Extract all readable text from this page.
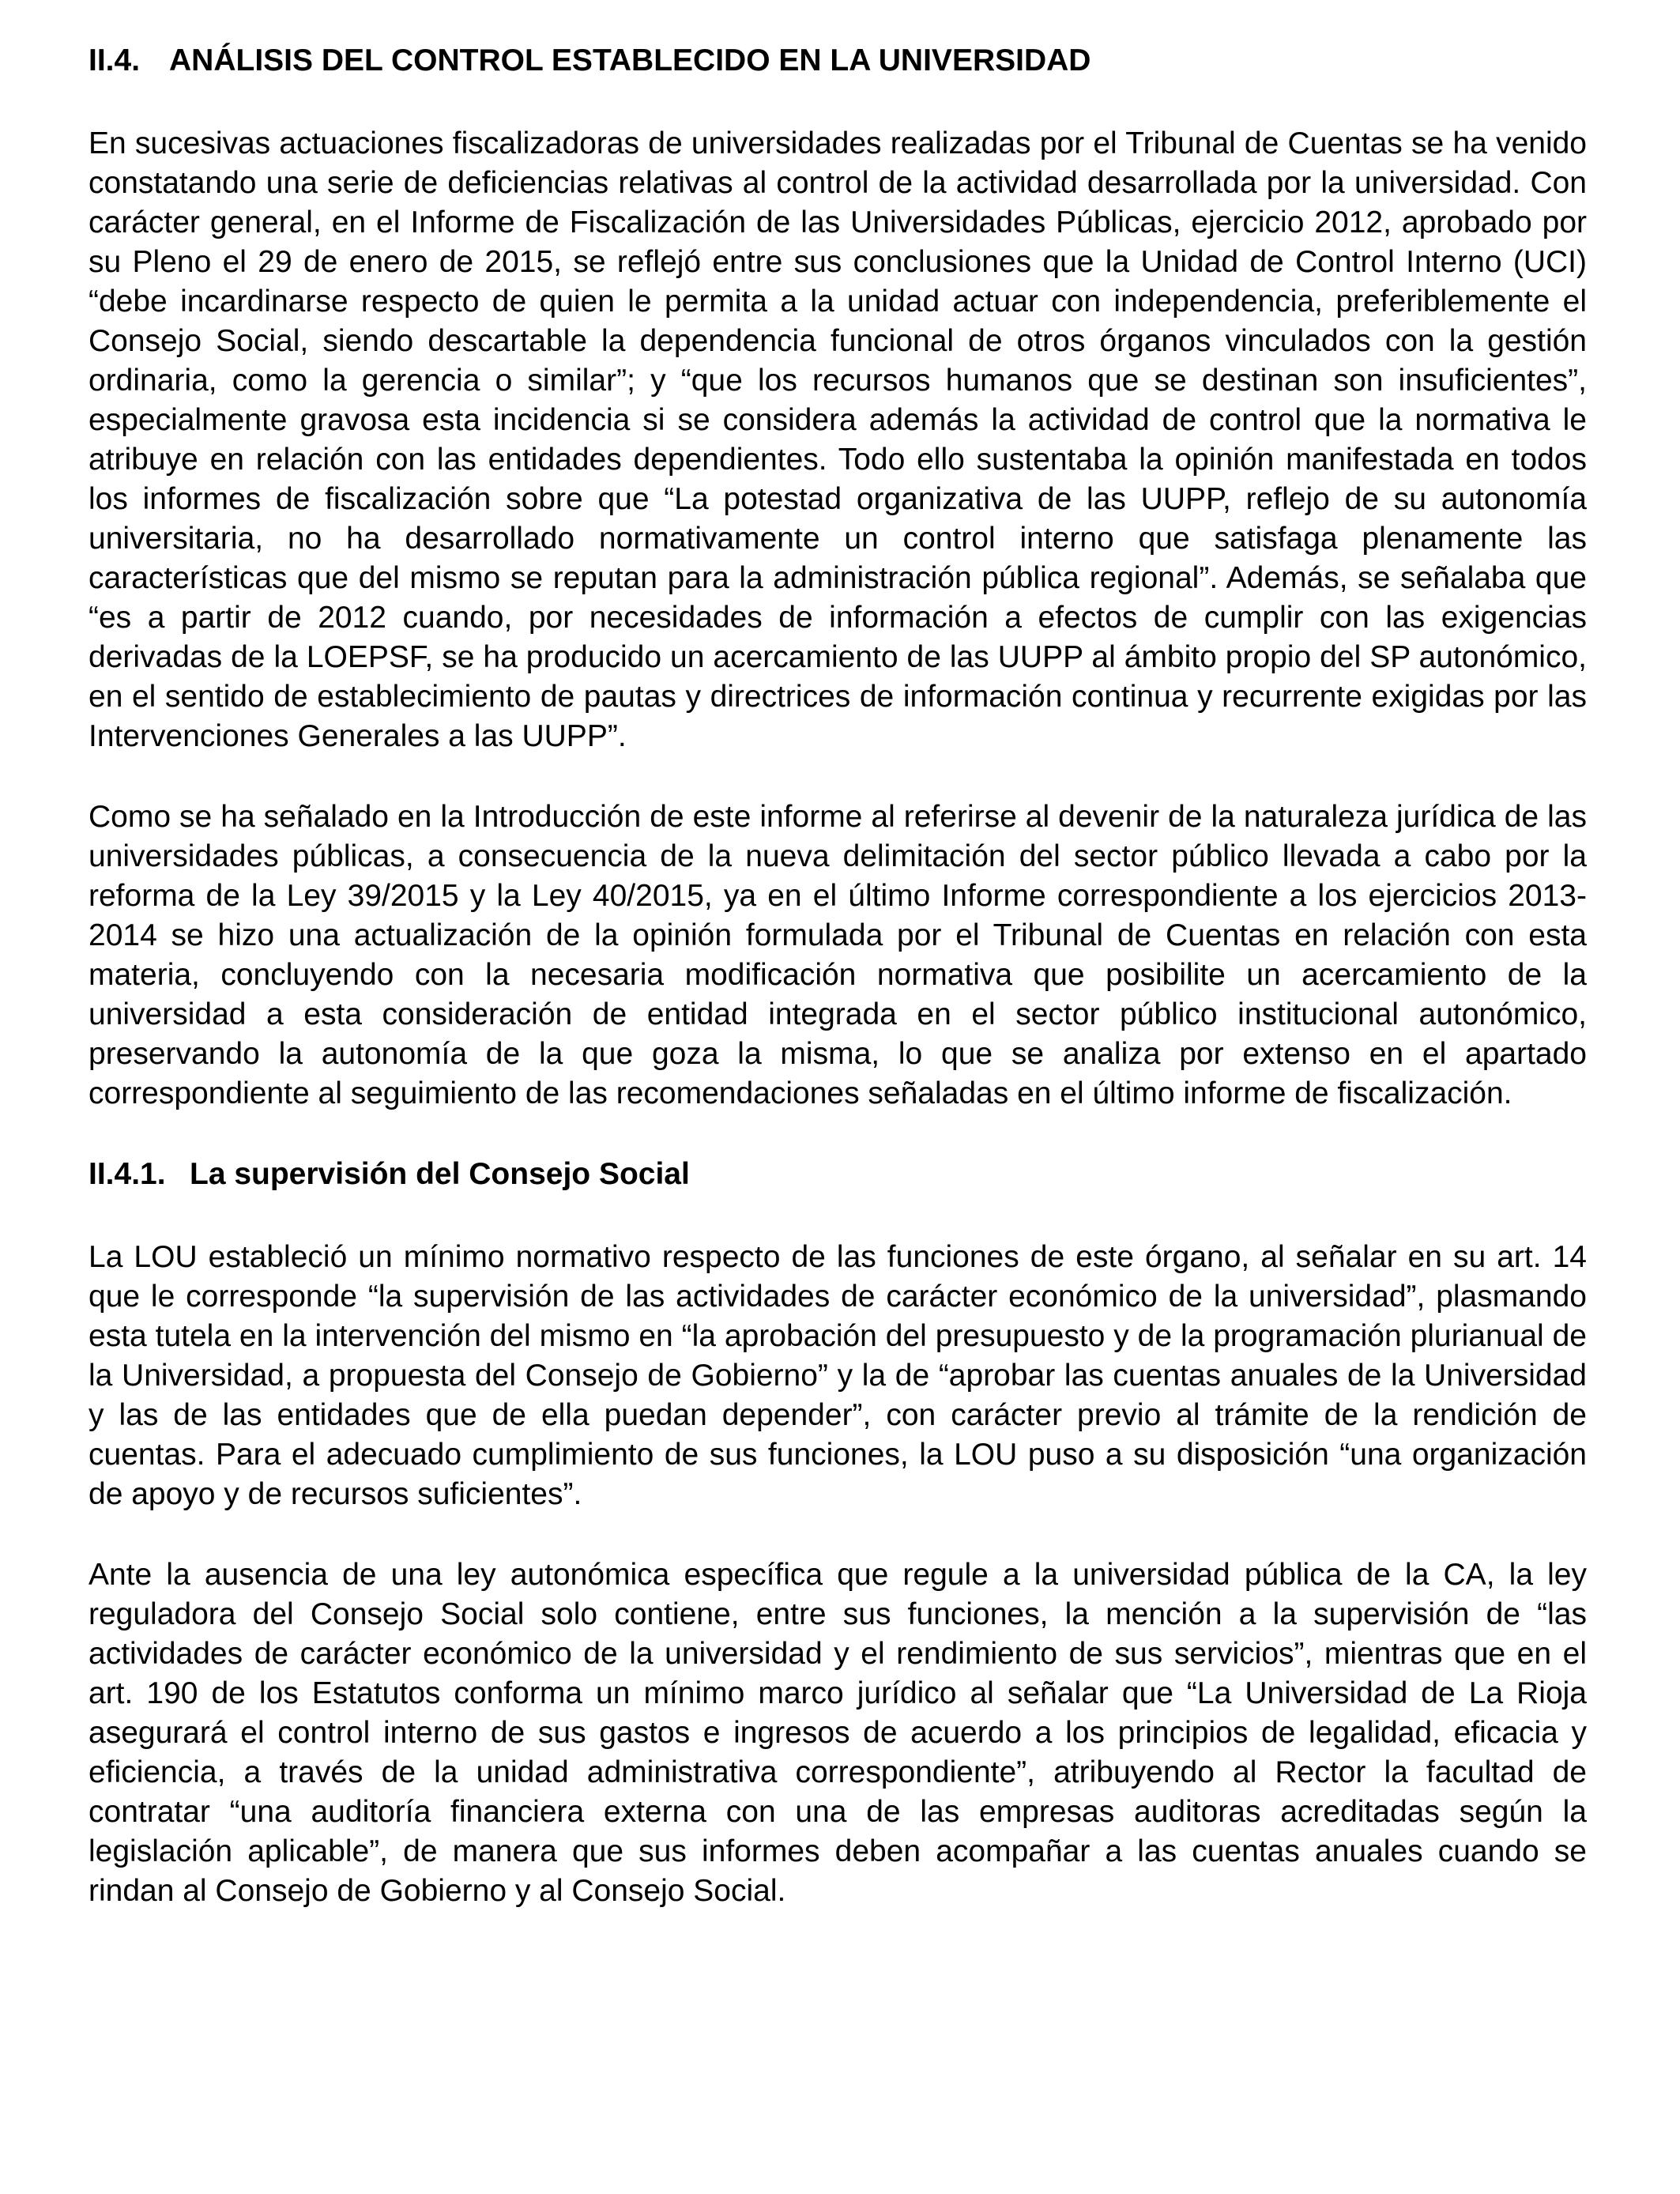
II.4. ANÁLISIS DEL CONTROL ESTABLECIDO EN LA UNIVERSIDAD

En sucesivas actuaciones fiscalizadoras de universidades realizadas por el Tribunal de Cuentas se ha venido constatando una serie de deficiencias relativas al control de la actividad desarrollada por la universidad. Con carácter general, en el Informe de Fiscalización de las Universidades Públicas, ejercicio 2012, aprobado por su Pleno el 29 de enero de 2015, se reflejó entre sus conclusiones que la Unidad de Control Interno (UCI) “debe incardinarse respecto de quien le permita a la unidad actuar con independencia, preferiblemente el Consejo Social, siendo descartable la dependencia funcional de otros órganos vinculados con la gestión ordinaria, como la gerencia o similar”; y “que los recursos humanos que se destinan son insuficientes”, especialmente gravosa esta incidencia si se considera además la actividad de control que la normativa le atribuye en relación con las entidades dependientes. Todo ello sustentaba la opinión manifestada en todos los informes de fiscalización sobre que “La potestad organizativa de las UUPP, reflejo de su autonomía universitaria, no ha desarrollado normativamente un control interno que satisfaga plenamente las características que del mismo se reputan para la administración pública regional”. Además, se señalaba que “es a partir de 2012 cuando, por necesidades de información a efectos de cumplir con las exigencias derivadas de la LOEPSF, se ha producido un acercamiento de las UUPP al ámbito propio del SP autonómico, en el sentido de establecimiento de pautas y directrices de información continua y recurrente exigidas por las Intervenciones Generales a las UUPP”.

Como se ha señalado en la Introducción de este informe al referirse al devenir de la naturaleza jurídica de las universidades públicas, a consecuencia de la nueva delimitación del sector público llevada a cabo por la reforma de la Ley 39/2015 y la Ley 40/2015, ya en el último Informe correspondiente a los ejercicios 2013-2014 se hizo una actualización de la opinión formulada por el Tribunal de Cuentas en relación con esta materia, concluyendo con la necesaria modificación normativa que posibilite un acercamiento de la universidad a esta consideración de entidad integrada en el sector público institucional autonómico, preservando la autonomía de la que goza la misma, lo que se analiza por extenso en el apartado correspondiente al seguimiento de las recomendaciones señaladas en el último informe de fiscalización.

II.4.1. La supervisión del Consejo Social

La LOU estableció un mínimo normativo respecto de las funciones de este órgano, al señalar en su art. 14 que le corresponde “la supervisión de las actividades de carácter económico de la universidad”, plasmando esta tutela en la intervención del mismo en “la aprobación del presupuesto y de la programación plurianual de la Universidad, a propuesta del Consejo de Gobierno” y la de “aprobar las cuentas anuales de la Universidad y las de las entidades que de ella puedan depender”, con carácter previo al trámite de la rendición de cuentas. Para el adecuado cumplimiento de sus funciones, la LOU puso a su disposición “una organización de apoyo y de recursos suficientes”.

Ante la ausencia de una ley autonómica específica que regule a la universidad pública de la CA, la ley reguladora del Consejo Social solo contiene, entre sus funciones, la mención a la supervisión de “las actividades de carácter económico de la universidad y el rendimiento de sus servicios”, mientras que en el art. 190 de los Estatutos conforma un mínimo marco jurídico al señalar que “La Universidad de La Rioja asegurará el control interno de sus gastos e ingresos de acuerdo a los principios de legalidad, eficacia y eficiencia, a través de la unidad administrativa correspondiente”, atribuyendo al Rector la facultad de contratar “una auditoría financiera externa con una de las empresas auditoras acreditadas según la legislación aplicable”, de manera que sus informes deben acompañar a las cuentas anuales cuando se rindan al Consejo de Gobierno y al Consejo Social.
